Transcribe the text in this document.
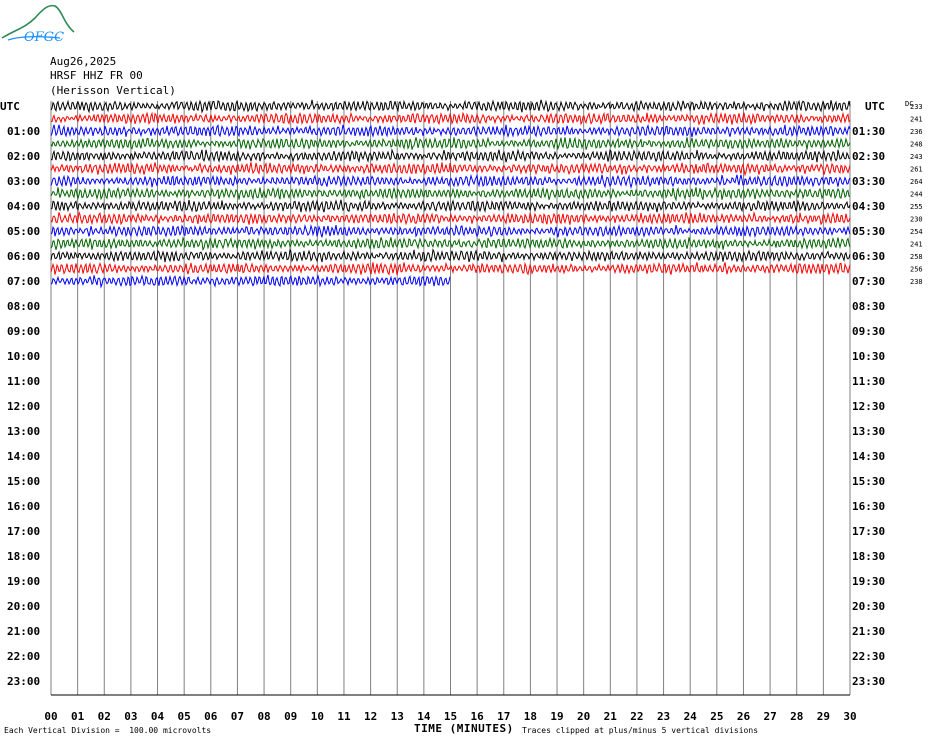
OFGC
Aug26,2025
HRSF HHZ FR 00
(Herisson Vertical)
UTC
01:00
02:00
03:00
04:00
05:00
06:00
07:00
08:00
09:00
10:00
11:00
12:00
13:00
14:00
15:00
16:00
17:00
18:00
19:00
20:00
21:00
22:00
23:00
UTC
01:30
02:30
03:30
04:30
05:30
06:30
07:30
08:30
09:30
10:30
11:30
12:30
13:30
14:30
15:30
16:30
17:30
18:30
19:30
20:30
21:30
22:30
23:30
233
241
236
248
243
261
264
244
255
230
254
241
258
256
238
00 01 02 03 04 05 06 07 08 09 10 11 12 13 14 15 16 17 18 19 20 21 22 23 24 25 26 27 28 29 30
DC
Each Vertical Division =  100.00 microvolts	Traces clipped at plus/minus 5 vertical divisions
TIME (MINUTES)
